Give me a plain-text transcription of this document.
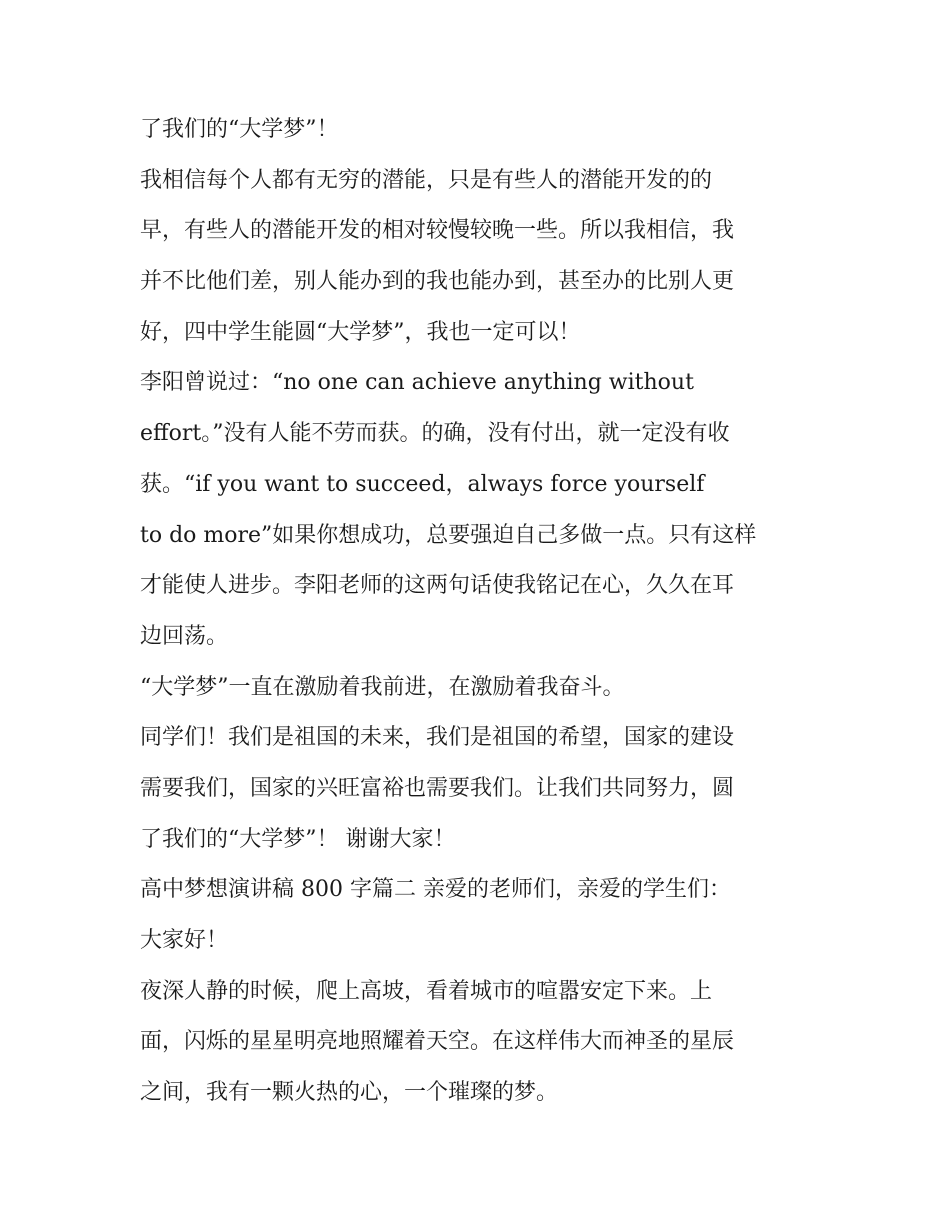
了我们的“大学梦”！
我相信每个人都有无穷的潜能，只是有些人的潜能开发的的
早，有些人的潜能开发的相对较慢较晚一些。所以我相信，我
并不比他们差，别人能办到的我也能办到，甚至办的比别人更
好，四中学生能圆“大学梦”，我也一定可以！
李阳曾说过：“no one can achieve anything without
effort。”没有人能不劳而获。的确，没有付出，就一定没有收
获。“if you want to succeed，always force yourself
to do more”如果你想成功，总要强迫自己多做一点。只有这样
才能使人进步。李阳老师的这两句话使我铭记在心，久久在耳
边回荡。
“大学梦”一直在激励着我前进，在激励着我奋斗。
同学们！我们是祖国的未来，我们是祖国的希望，国家的建设
需要我们，国家的兴旺富裕也需要我们。让我们共同努力，圆
了我们的“大学梦”！ 谢谢大家！
高中梦想演讲稿 800 字篇二 亲爱的老师们，亲爱的学生们：
大家好！
夜深人静的时候，爬上高坡，看着城市的喧嚣安定下来。上
面，闪烁的星星明亮地照耀着天空。在这样伟大而神圣的星辰
之间，我有一颗火热的心，一个璀璨的梦。
